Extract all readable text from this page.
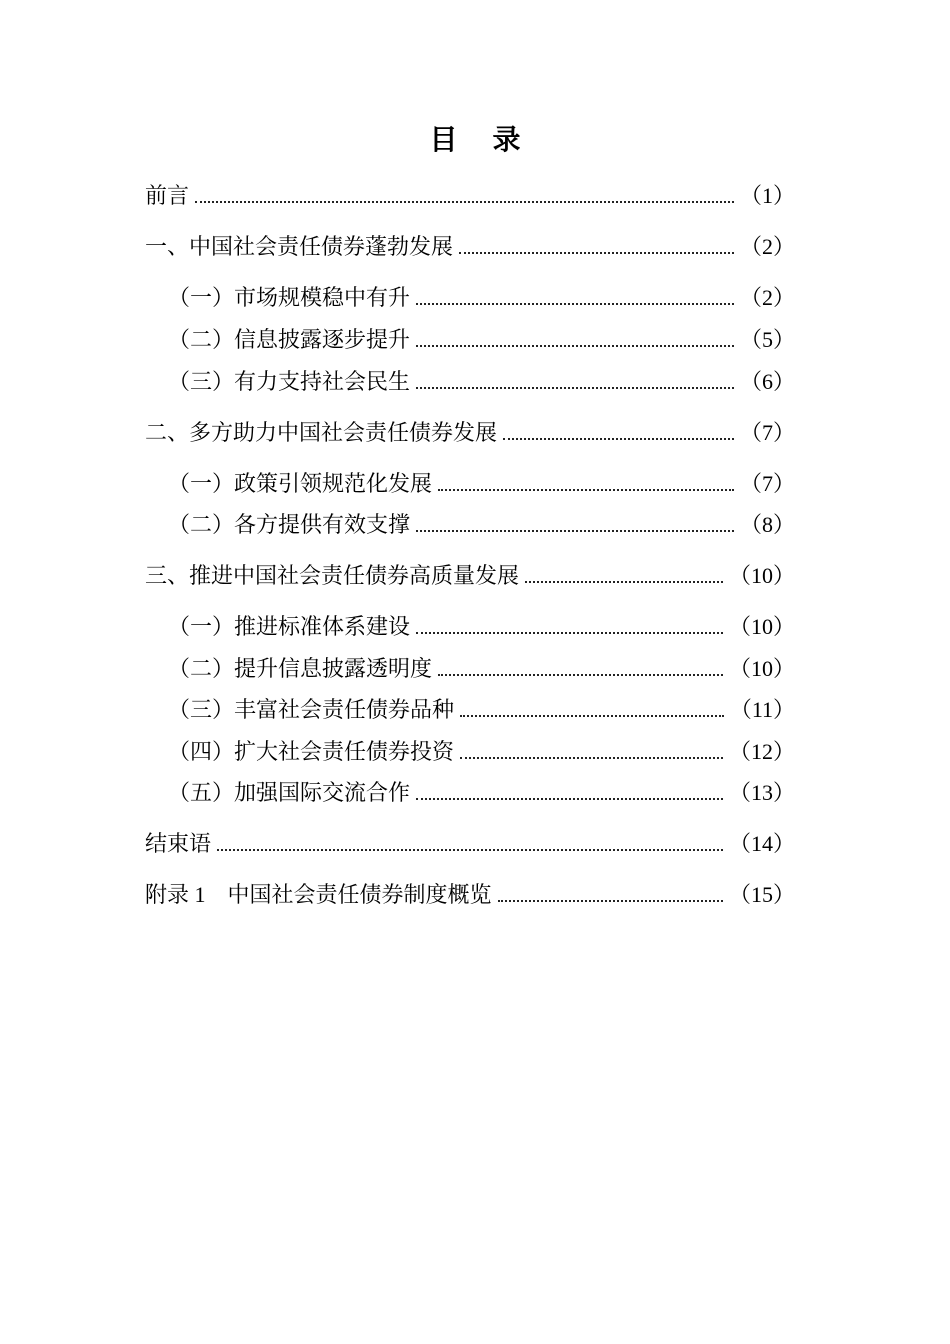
目 录
前言	（1）
一、中国社会责任债券蓬勃发展	（2）
（一）市场规模稳中有升	（2）
（二）信息披露逐步提升	（5）
（三）有力支持社会民生	（6）
二、多方助力中国社会责任债券发展	（7）
（一）政策引领规范化发展	（7）
（二）各方提供有效支撑	（8）
三、推进中国社会责任债券高质量发展	（10）
（一）推进标准体系建设	（10）
（二）提升信息披露透明度	（10）
（三）丰富社会责任债券品种	（11）
（四）扩大社会责任债券投资	（12）
（五）加强国际交流合作	（13）
结束语	（14）
附录 1　中国社会责任债券制度概览	（15）
